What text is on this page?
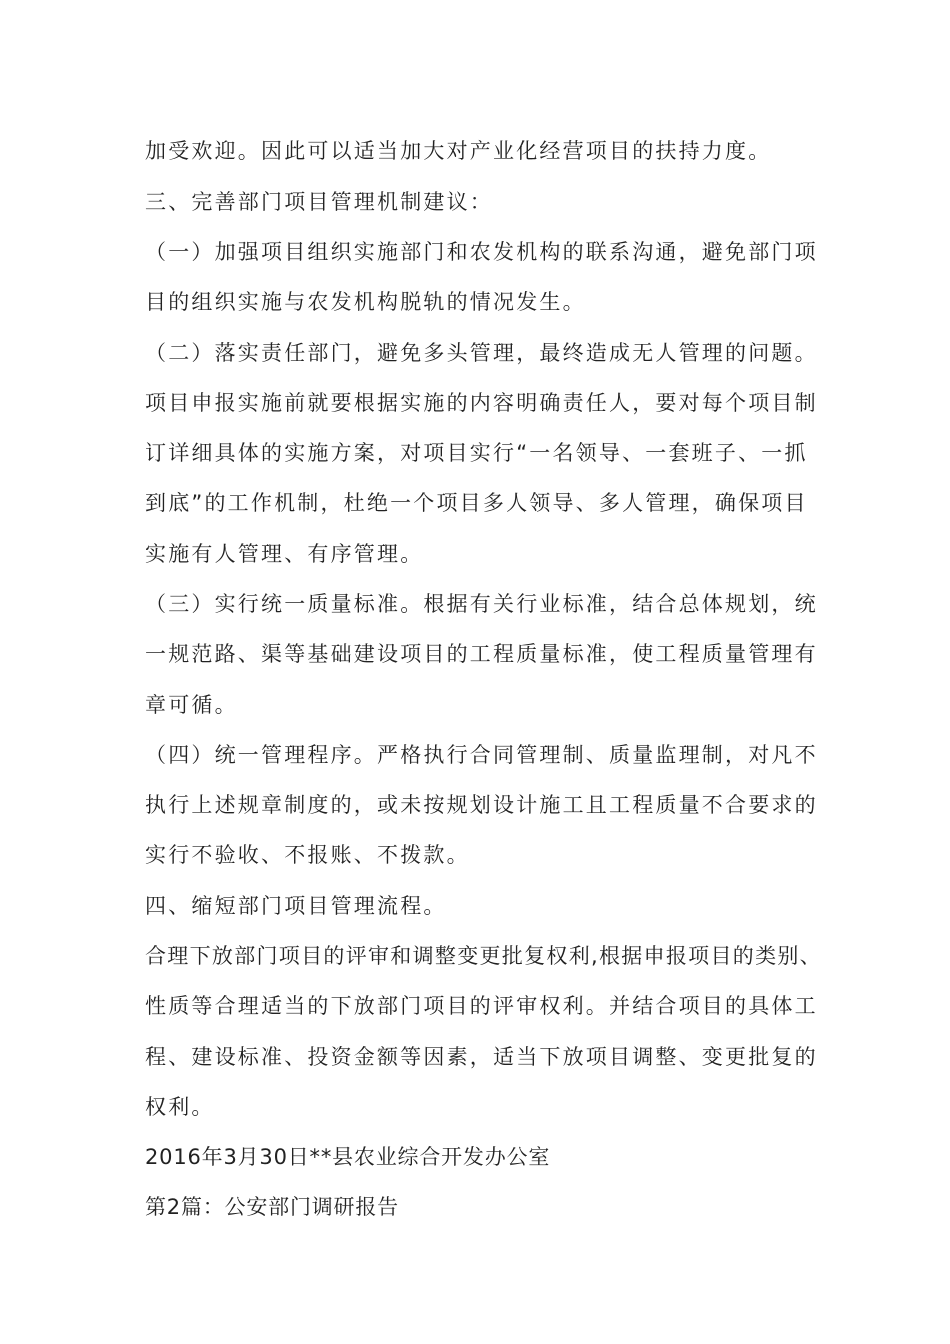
加受欢迎。因此可以适当加大对产业化经营项目的扶持力度。
三、完善部门项目管理机制建议：
（一）加强项目组织实施部门和农发机构的联系沟通，避免部门项
目的组织实施与农发机构脱轨的情况发生。
（二）落实责任部门，避免多头管理，最终造成无人管理的问题。
项目申报实施前就要根据实施的内容明确责任人，要对每个项目制
订详细具体的实施方案，对项目实行“一名领导、一套班子、一抓
到底”的工作机制，杜绝一个项目多人领导、多人管理，确保项目
实施有人管理、有序管理。
（三）实行统一质量标准。根据有关行业标准，结合总体规划，统
一规范路、渠等基础建设项目的工程质量标准，使工程质量管理有
章可循。
（四）统一管理程序。严格执行合同管理制、质量监理制，对凡不
执行上述规章制度的，或未按规划设计施工且工程质量不合要求的
实行不验收、不报账、不拨款。
四、缩短部门项目管理流程。
合理下放部门项目的评审和调整变更批复权利,根据申报项目的类别、
性质等合理适当的下放部门项目的评审权利。并结合项目的具体工
程、建设标准、投资金额等因素，适当下放项目调整、变更批复的
权利。
2016年3月30日**县农业综合开发办公室
第2篇：公安部门调研报告
